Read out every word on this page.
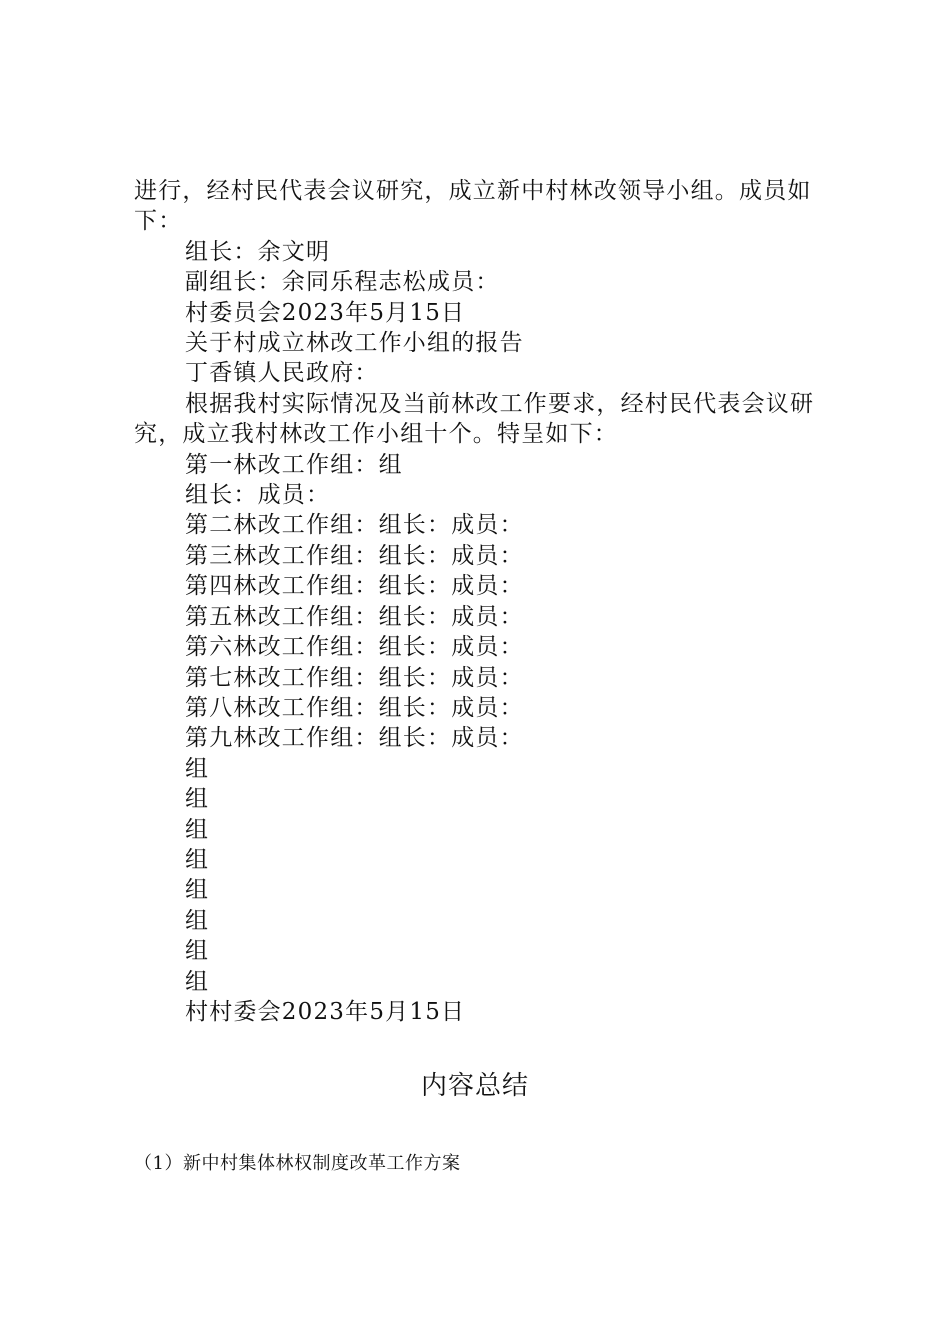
进行，经村民代表会议研究，成立新中村林改领导小组。成员如下：
组长：余文明
副组长：余同乐程志松成员：
村委员会2023年5月15日
关于村成立林改工作小组的报告
丁香镇人民政府：
根据我村实际情况及当前林改工作要求，经村民代表会议研究，成立我村林改工作小组十个。特呈如下：
第一林改工作组：组
组长：成员：
第二林改工作组：组长：成员：
第三林改工作组：组长：成员：
第四林改工作组：组长：成员：
第五林改工作组：组长：成员：
第六林改工作组：组长：成员：
第七林改工作组：组长：成员：
第八林改工作组：组长：成员：
第九林改工作组：组长：成员：
组
组
组
组
组
组
组
组
村村委会2023年5月15日
内容总结
（1）新中村集体林权制度改革工作方案
